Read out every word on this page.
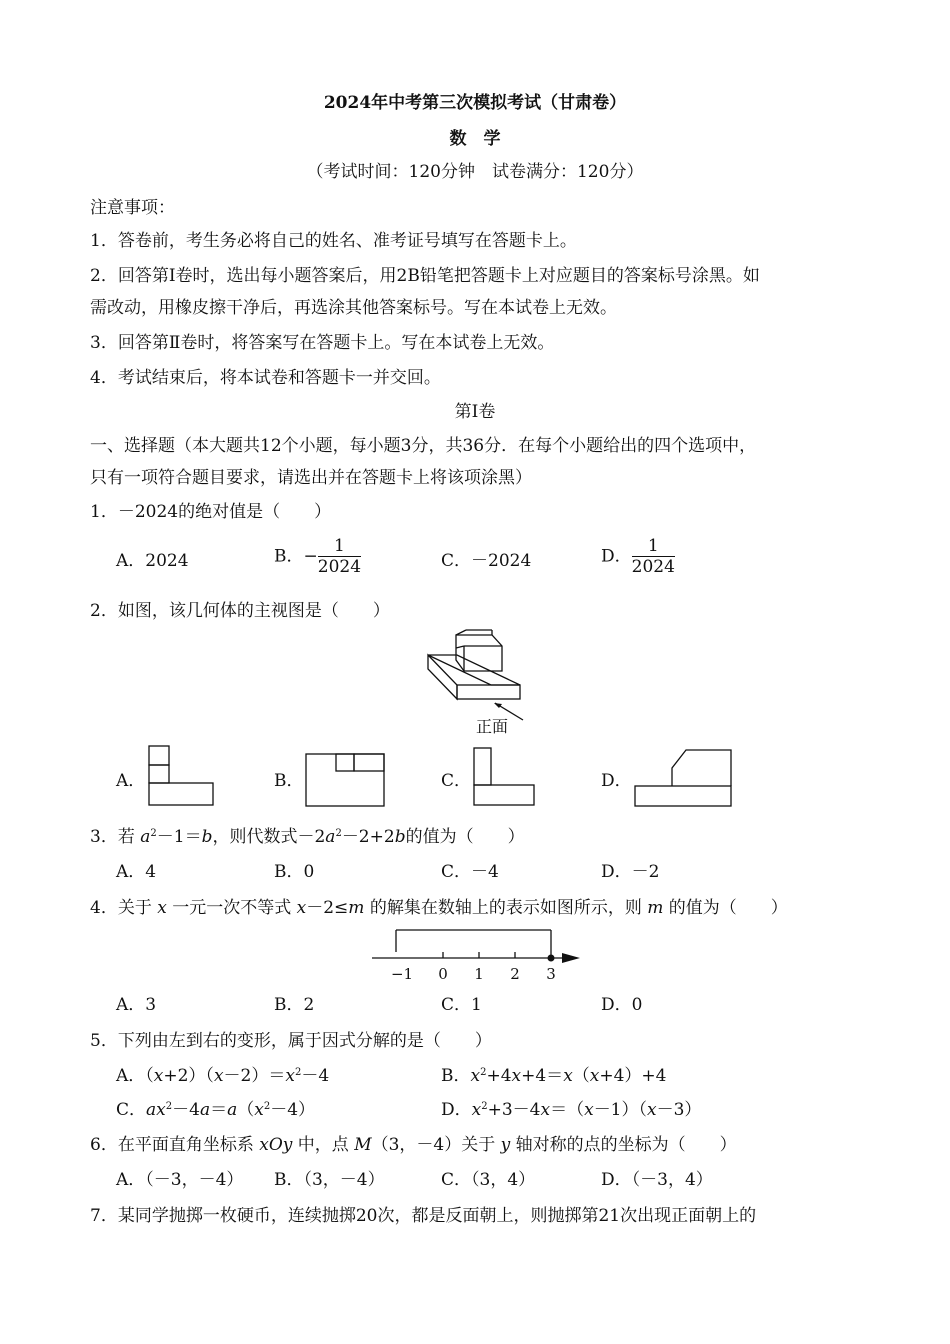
2024年中考第三次模拟考试（甘肃卷）
数　学
（考试时间：120分钟　试卷满分：120分）
注意事项：
1．答卷前，考生务必将自己的姓名、准考证号填写在答题卡上。
2．回答第Ⅰ卷时，选出每小题答案后，用2B铅笔把答题卡上对应题目的答案标号涂黑。如
需改动，用橡皮擦干净后，再选涂其他答案标号。写在本试卷上无效。
3．回答第Ⅱ卷时，将答案写在答题卡上。写在本试卷上无效。
4．考试结束后，将本试卷和答题卡一并交回。
第Ⅰ卷
一、选择题（本大题共12个小题，每小题3分，共36分．在每个小题给出的四个选项中，
只有一项符合题目要求，请选出并在答题卡上将该项涂黑）
1．－2024的绝对值是（　　）
A．2024	B．− $\frac{1}{2024}$	C．－2024	D． $\frac{1}{2024}$
2．如图，该几何体的主视图是（　　）
正面
A．	B．	C．	D．
3．若 $a^2-1=b$，则代数式$-2a^2-2+2b$的值为（　　）
A．4	B．0	C．－4	D．－2
4．关于 x 一元一次不等式 x－2≤m 的解集在数轴上的表示如图所示，则 m 的值为（　　）
−1 0 1 2 3
A．3	B．2	C．1	D．0
5．下列由左到右的变形，属于因式分解的是（　　）
A．$(x+2)(x-2)=x^2-4$	B．$x^2+4x+4=x(x+4)+4$
C．$ax^2-4a=a(x^2-4)$	D．$x^2+3-4x=(x-1)(x-3)$
6．在平面直角坐标系 xOy 中，点 M（3，－4）关于 y 轴对称的点的坐标为（　　）
A．（－3，－4） B．（3，－4）	C．（3，4）	D．（－3，4）
7．某同学抛掷一枚硬币，连续抛掷20次，都是反面朝上，则抛掷第21次出现正面朝上的
